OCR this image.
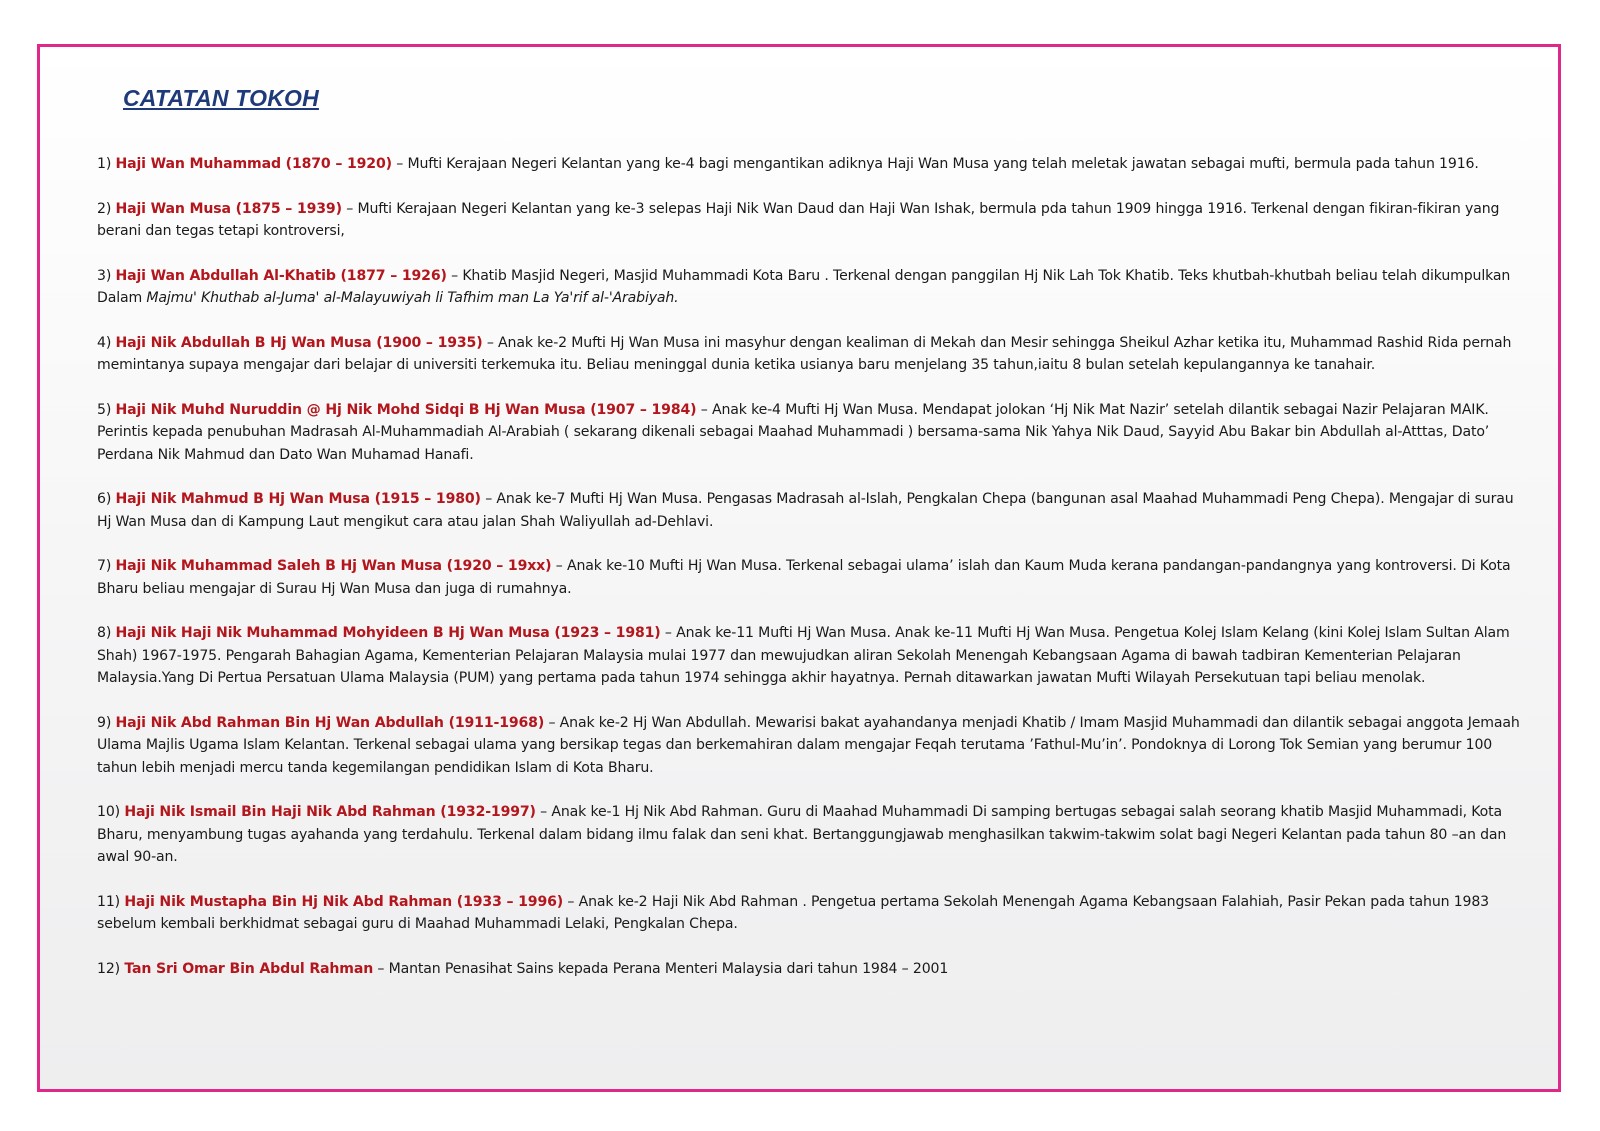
CATATAN TOKOH
1) Haji Wan Muhammad (1870 – 1920) – Mufti Kerajaan Negeri Kelantan yang ke-4 bagi mengantikan adiknya Haji Wan Musa yang telah meletak jawatan sebagai mufti, bermula pada tahun 1916.
2) Haji Wan Musa (1875 – 1939) – Mufti Kerajaan Negeri Kelantan yang ke-3 selepas Haji Nik Wan Daud dan Haji Wan Ishak, bermula pda tahun 1909 hingga 1916. Terkenal dengan fikiran-fikiran yang berani dan tegas tetapi kontroversi,
3) Haji Wan Abdullah Al-Khatib (1877 – 1926) – Khatib Masjid Negeri, Masjid Muhammadi Kota Baru . Terkenal dengan panggilan Hj Nik Lah Tok Khatib. Teks khutbah-khutbah beliau telah dikumpulkan Dalam Majmu' Khuthab al-Juma' al-Malayuwiyah li Tafhim man La Ya'rif al-'Arabiyah.
4) Haji Nik Abdullah B Hj Wan Musa (1900 – 1935) – Anak ke-2 Mufti Hj Wan Musa ini masyhur dengan kealiman di Mekah dan Mesir sehingga Sheikul Azhar ketika itu, Muhammad Rashid Rida pernah memintanya supaya mengajar dari belajar di universiti terkemuka itu. Beliau meninggal dunia ketika usianya baru menjelang 35 tahun,iaitu 8 bulan setelah kepulangannya ke tanahair.
5) Haji Nik Muhd Nuruddin @ Hj Nik Mohd Sidqi B Hj Wan Musa (1907 – 1984) – Anak ke-4 Mufti Hj Wan Musa. Mendapat jolokan ‘Hj Nik Mat Nazir’ setelah dilantik sebagai Nazir Pelajaran MAIK. Perintis kepada penubuhan Madrasah Al-Muhammadiah Al-Arabiah ( sekarang dikenali sebagai Maahad Muhammadi ) bersama-sama Nik Yahya Nik Daud, Sayyid Abu Bakar bin Abdullah al-Atttas, Dato’ Perdana Nik Mahmud dan Dato Wan Muhamad Hanafi.
6) Haji Nik Mahmud B Hj Wan Musa (1915 – 1980) – Anak ke-7 Mufti Hj Wan Musa. Pengasas Madrasah al-Islah, Pengkalan Chepa (bangunan asal Maahad Muhammadi Peng Chepa). Mengajar di surau Hj Wan Musa dan di Kampung Laut mengikut cara atau jalan Shah Waliyullah ad-Dehlavi.
7) Haji Nik Muhammad Saleh B Hj Wan Musa (1920 – 19xx) – Anak ke-10 Mufti Hj Wan Musa. Terkenal sebagai ulama’ islah dan Kaum Muda kerana pandangan-pandangnya yang kontroversi. Di Kota Bharu beliau mengajar di Surau Hj Wan Musa dan juga di rumahnya.
8) Haji Nik Haji Nik Muhammad Mohyideen B Hj Wan Musa (1923 – 1981) – Anak ke-11 Mufti Hj Wan Musa. Anak ke-11 Mufti Hj Wan Musa. Pengetua Kolej Islam Kelang (kini Kolej Islam Sultan Alam Shah) 1967-1975. Pengarah Bahagian Agama, Kementerian Pelajaran Malaysia mulai 1977 dan mewujudkan aliran Sekolah Menengah Kebangsaan Agama di bawah tadbiran Kementerian Pelajaran Malaysia.Yang Di Pertua Persatuan Ulama Malaysia (PUM) yang pertama pada tahun 1974 sehingga akhir hayatnya. Pernah ditawarkan jawatan Mufti Wilayah Persekutuan tapi beliau menolak.
9) Haji Nik Abd Rahman Bin Hj Wan Abdullah (1911-1968) – Anak ke-2 Hj Wan Abdullah. Mewarisi bakat ayahandanya menjadi Khatib / Imam Masjid Muhammadi dan dilantik sebagai anggota Jemaah Ulama Majlis Ugama Islam Kelantan. Terkenal sebagai ulama yang bersikap tegas dan berkemahiran dalam mengajar Feqah terutama ’Fathul-Mu’in’. Pondoknya di Lorong Tok Semian yang berumur 100 tahun lebih menjadi mercu tanda kegemilangan pendidikan Islam di Kota Bharu.
10) Haji Nik Ismail Bin Haji Nik Abd Rahman (1932-1997) – Anak ke-1 Hj Nik Abd Rahman. Guru di Maahad Muhammadi Di samping bertugas sebagai salah seorang khatib Masjid Muhammadi, Kota Bharu, menyambung tugas ayahanda yang terdahulu. Terkenal dalam bidang ilmu falak dan seni khat. Bertanggungjawab menghasilkan takwim-takwim solat bagi Negeri Kelantan pada tahun 80 –an dan awal 90-an.
11) Haji Nik Mustapha Bin Hj Nik Abd Rahman (1933 – 1996) – Anak ke-2 Haji Nik Abd Rahman . Pengetua pertama Sekolah Menengah Agama Kebangsaan Falahiah, Pasir Pekan pada tahun 1983 sebelum kembali berkhidmat sebagai guru di Maahad Muhammadi Lelaki, Pengkalan Chepa.
12) Tan Sri Omar Bin Abdul Rahman – Mantan Penasihat Sains kepada Perana Menteri Malaysia dari tahun 1984 – 2001
